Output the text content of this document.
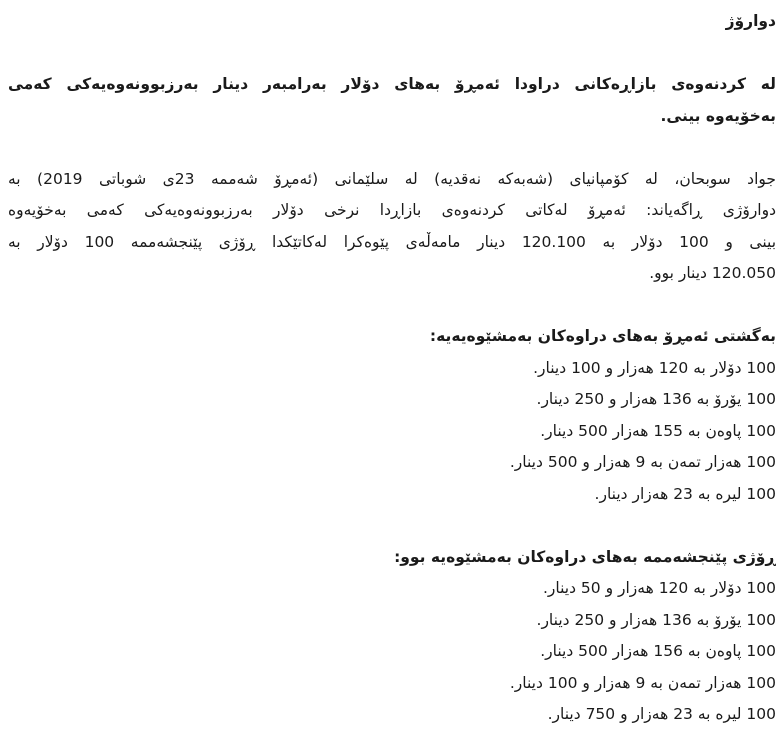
دوارۆژ
له‌ كردنه‌وه‌ی بازاڕه‌كانی دراودا ئه‌مڕۆ به‌های دۆلار به‌رامبه‌ر دینار به‌رزبوونه‌وه‌یه‌كی كه‌می
به‌خۆیه‌وه‌ بینی.
جواد سوبحان، له‌ كۆمپانیای (شه‌به‌كه‌ نه‌قدیه‌) له‌ سلێمانی (ئه‌مڕۆ شه‌ممه‌ 23ی شوباتی 2019) به‌
دوارۆژی ڕاگه‌یاند: ئه‌مڕۆ له‌كاتی كردنه‌وه‌ی بازاڕدا نرخی دۆلار به‌رزبوونه‌وه‌یه‌كی كه‌می به‌خۆیه‌وه‌
بینی و 100 دۆلار به‌ 120.100 دینار مامه‌ڵه‌ی پێوه‌كرا له‌كاتێكدا ڕۆژی پێنجشه‌ممه‌ 100 دۆلار به‌
120.050 دینار بوو.
به‌گشتی ئه‌مڕۆ به‌های دراوه‌كان به‌مشێوه‌یه‌یه‌:
100 دۆلار به‌ 120 هه‌زار و 100 دینار.
100 یۆرۆ به‌ 136 هه‌زار و 250 دینار.
100 پاوه‌ن به‌ 155 هه‌زار 500 دینار.
100 هه‌زار تمه‌ن به‌ 9 هه‌زار و 500 دینار.
100 لیره‌ به‌ 23 هه‌زار دینار.
ڕۆژی پێنجشه‌ممه‌ به‌های دراوه‌كان به‌مشێوه‌یه‌ بوو:
100 دۆلار به‌ 120 هه‌زار و 50 دینار.
100 یۆرۆ به‌ 136 هه‌زار و 250 دینار.
100 پاوه‌ن به‌ 156 هه‌زار 500 دینار.
100 هه‌زار تمه‌ن به‌ 9 هه‌زار و 100 دینار.
100 لیره‌ به‌ 23 هه‌زار و 750 دینار.
